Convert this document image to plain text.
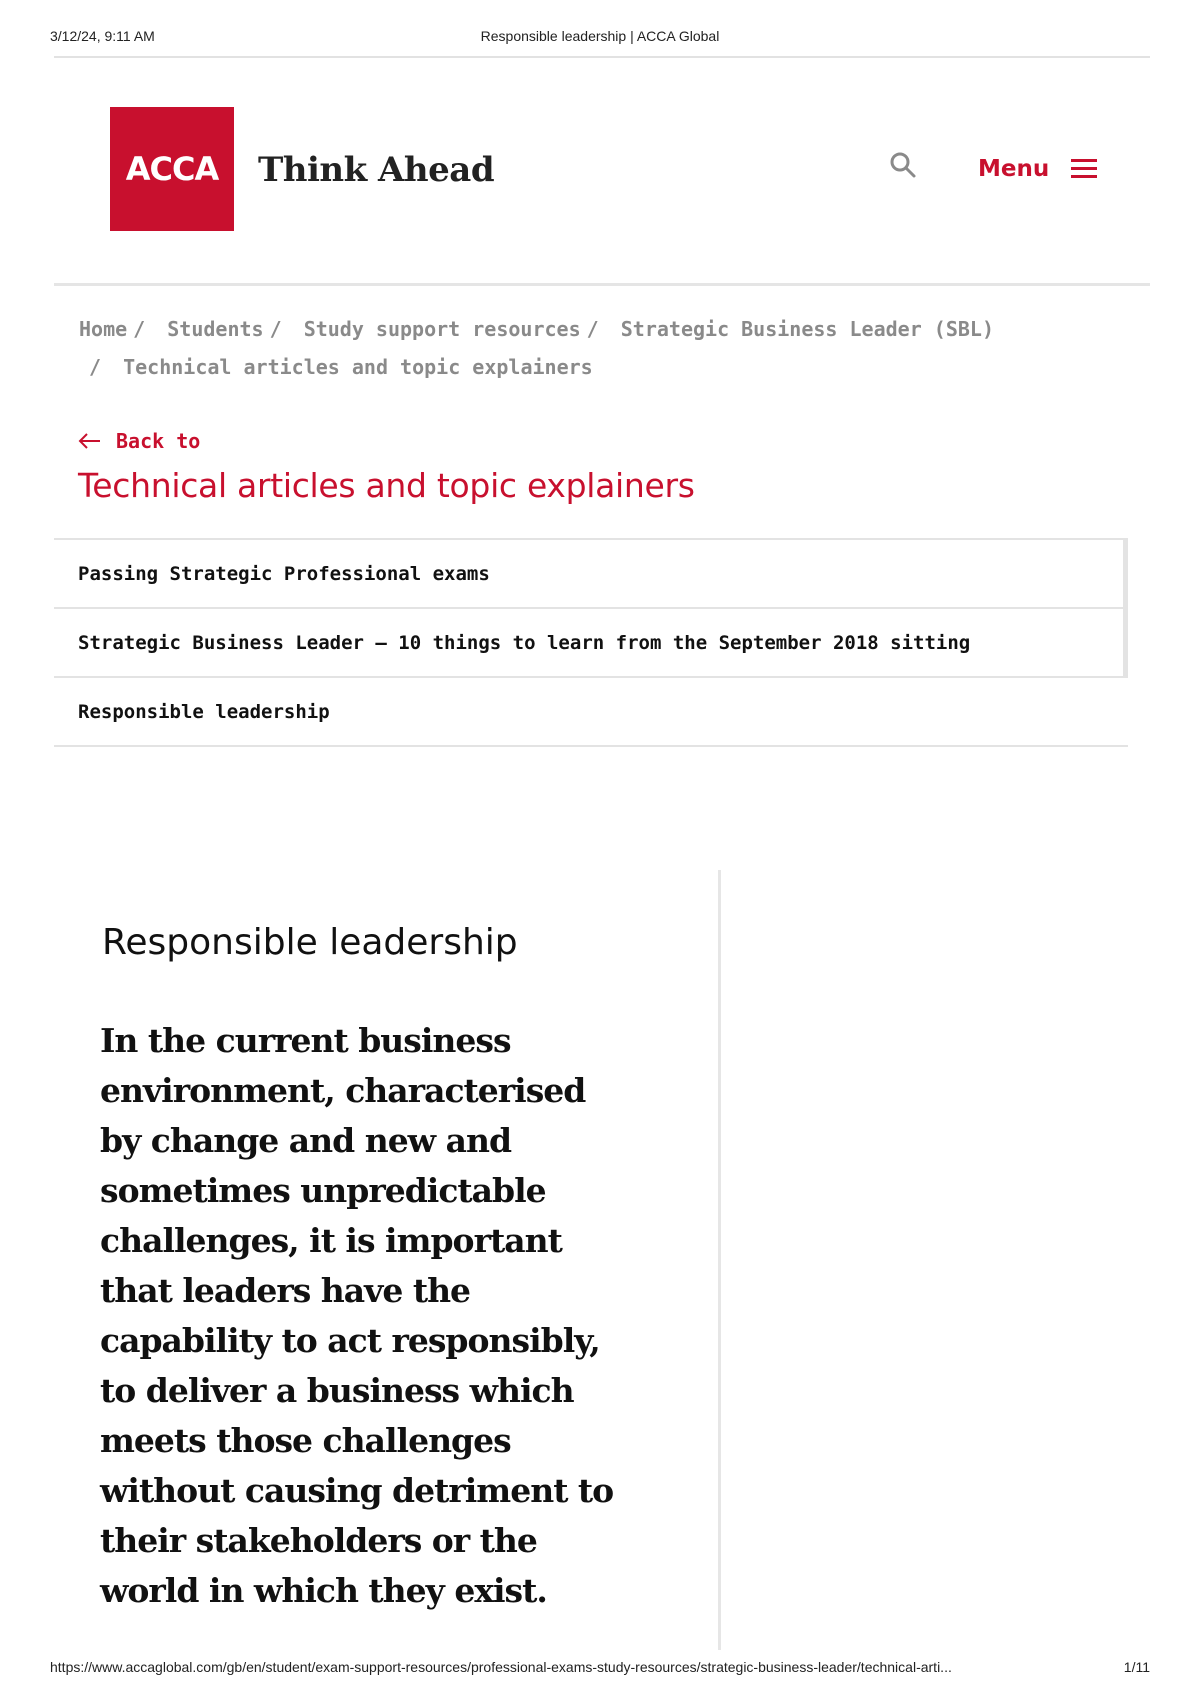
3/12/24, 9:11 AM	Responsible leadership | ACCA Global
ACCA Think Ahead	Menu
Home / Students / Study support resources / Strategic Business Leader (SBL)
/ Technical articles and topic explainers
Back to
Technical articles and topic explainers
Passing Strategic Professional exams
Strategic Business Leader – 10 things to learn from the September 2018 sitting
Responsible leadership
Responsible leadership
In the current business environment, characterised by change and new and sometimes unpredictable challenges, it is important that leaders have the capability to act responsibly, to deliver a business which meets those challenges without causing detriment to their stakeholders or the world in which they exist.
https://www.accaglobal.com/gb/en/student/exam-support-resources/professional-exams-study-resources/strategic-business-leader/technical-arti...	1/11
